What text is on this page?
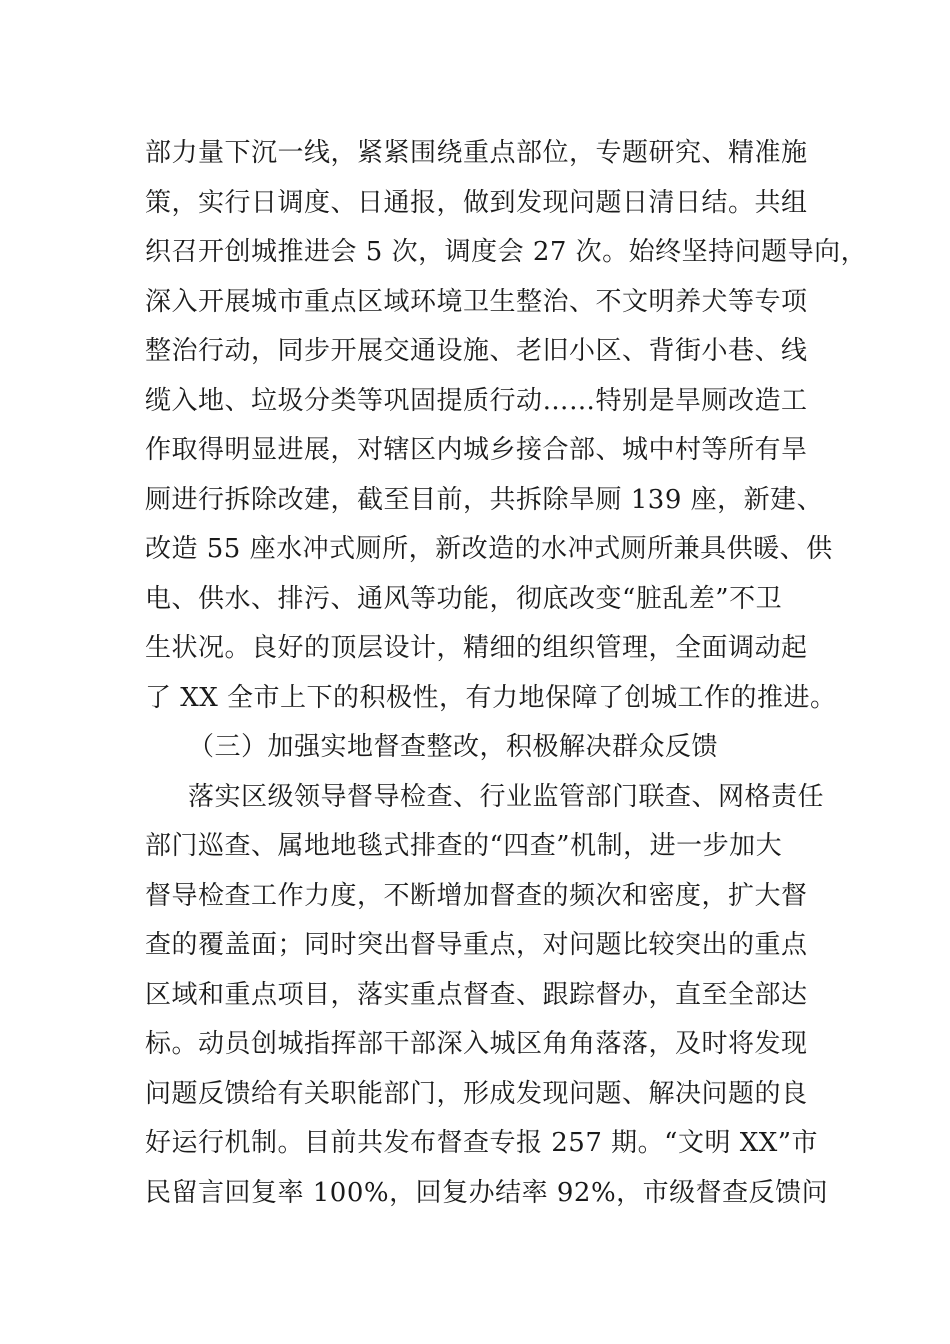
部力量下沉一线，紧紧围绕重点部位，专题研究、精准施
策，实行日调度、日通报，做到发现问题日清日结。共组
织召开创城推进会 5 次，调度会 27 次。始终坚持问题导向，
深入开展城市重点区域环境卫生整治、不文明养犬等专项
整治行动，同步开展交通设施、老旧小区、背街小巷、线
缆入地、垃圾分类等巩固提质行动……特别是旱厕改造工
作取得明显进展，对辖区内城乡接合部、城中村等所有旱
厕进行拆除改建，截至目前，共拆除旱厕 139 座，新建、
改造 55 座水冲式厕所，新改造的水冲式厕所兼具供暖、供
电、供水、排污、通风等功能，彻底改变“脏乱差”不卫
生状况。良好的顶层设计，精细的组织管理，全面调动起
了 XX 全市上下的积极性，有力地保障了创城工作的推进。
（三）加强实地督查整改，积极解决群众反馈
落实区级领导督导检查、行业监管部门联查、网格责任
部门巡查、属地地毯式排查的“四查”机制，进一步加大
督导检查工作力度，不断增加督查的频次和密度，扩大督
查的覆盖面；同时突出督导重点，对问题比较突出的重点
区域和重点项目，落实重点督查、跟踪督办，直至全部达
标。动员创城指挥部干部深入城区角角落落，及时将发现
问题反馈给有关职能部门，形成发现问题、解决问题的良
好运行机制。目前共发布督查专报 257 期。“文明 XX”市
民留言回复率 100%，回复办结率 92%，市级督查反馈问
